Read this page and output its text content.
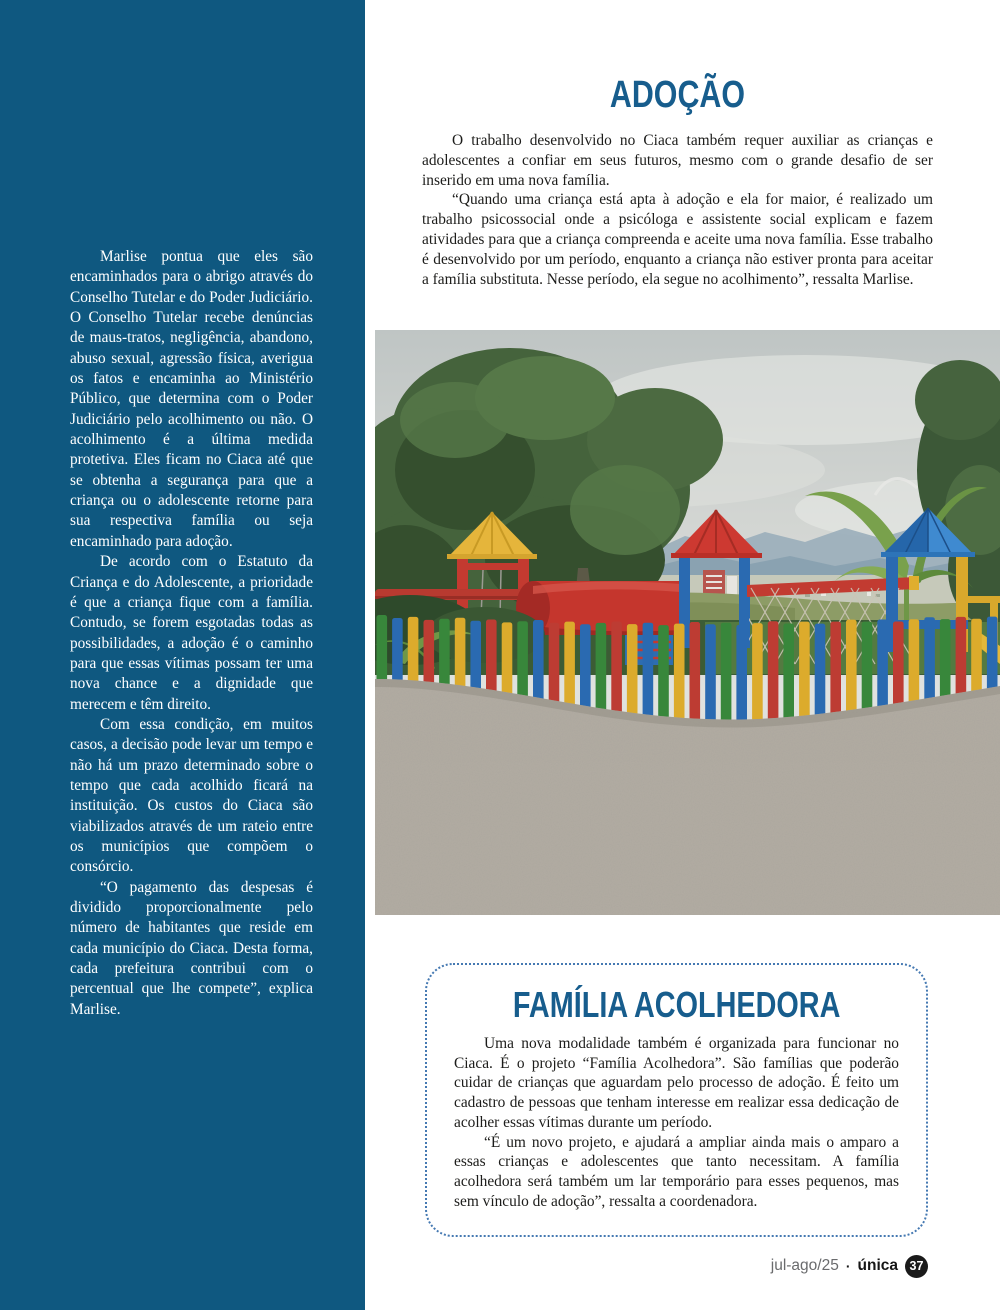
Marlise pontua que eles são encaminhados para o abrigo através do Conselho Tutelar e do Poder Judiciário. O Conselho Tutelar recebe denúncias de maus-tratos, negligência, abandono, abuso sexual, agressão física, averigua os fatos e encaminha ao Ministério Público, que determina com o Poder Judiciário pelo acolhimento ou não. O acolhimento é a última medida protetiva. Eles ficam no Ciaca até que se obtenha a segurança para que a criança ou o adolescente retorne para sua respectiva família ou seja encaminhado para adoção.

De acordo com o Estatuto da Criança e do Adolescente, a prioridade é que a criança fique com a família. Contudo, se forem esgotadas todas as possibilidades, a adoção é o caminho para que essas vítimas possam ter uma nova chance e a dignidade que merecem e têm direito.

Com essa condição, em muitos casos, a decisão pode levar um tempo e não há um prazo determinado sobre o tempo que cada acolhido ficará na instituição. Os custos do Ciaca são viabilizados através de um rateio entre os municípios que compõem o consórcio.

“O pagamento das despesas é dividido proporcionalmente pelo número de habitantes que reside em cada município do Ciaca. Desta forma, cada prefeitura contribui com o percentual que lhe compete”, explica Marlise.

ADOÇÃO

O trabalho desenvolvido no Ciaca também requer auxiliar as crianças e adolescentes a confiar em seus futuros, mesmo com o grande desafio de ser inserido em uma nova família.

“Quando uma criança está apta à adoção e ela for maior, é realizado um trabalho psicossocial onde a psicóloga e assistente social explicam e fazem atividades para que a criança compreenda e aceite uma nova família. Esse trabalho é desenvolvido por um período, enquanto a criança não estiver pronta para aceitar a família substituta. Nesse período, ela segue no acolhimento”, ressalta Marlise.

FAMÍLIA ACOLHEDORA

Uma nova modalidade também é organizada para funcionar no Ciaca. É o projeto “Família Acolhedora”. São famílias que poderão cuidar de crianças que aguardam pelo processo de adoção. É feito um cadastro de pessoas que tenham interesse em realizar essa dedicação de acolher essas vítimas durante um período.

“É um novo projeto, e ajudará a ampliar ainda mais o amparo a essas crianças e adolescentes que tanto necessitam. A família acolhedora será também um lar temporário para esses pequenos, mas sem vínculo de adoção”, ressalta a coordenadora.

jul-ago/25 · única 37
